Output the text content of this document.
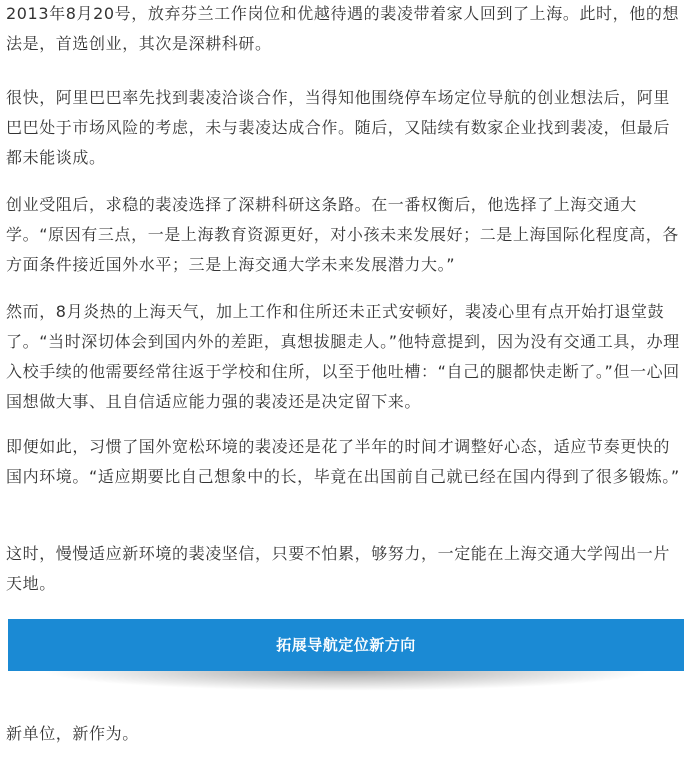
2013年8月20号，放弃芬兰工作岗位和优越待遇的裴凌带着家人回到了上海。此时，他的想法是，首选创业，其次是深耕科研。

很快，阿里巴巴率先找到裴凌洽谈合作，当得知他围绕停车场定位导航的创业想法后，阿里巴巴处于市场风险的考虑，未与裴凌达成合作。随后，又陆续有数家企业找到裴凌，但最后都未能谈成。

创业受阻后，求稳的裴凌选择了深耕科研这条路。在一番权衡后，他选择了上海交通大学。“原因有三点，一是上海教育资源更好，对小孩未来发展好；二是上海国际化程度高，各方面条件接近国外水平；三是上海交通大学未来发展潜力大。”

然而，8月炎热的上海天气，加上工作和住所还未正式安顿好，裴凌心里有点开始打退堂鼓了。“当时深切体会到国内外的差距，真想拔腿走人。”他特意提到，因为没有交通工具，办理入校手续的他需要经常往返于学校和住所，以至于他吐槽：“自己的腿都快走断了。”但一心回国想做大事、且自信适应能力强的裴凌还是决定留下来。

即便如此，习惯了国外宽松环境的裴凌还是花了半年的时间才调整好心态，适应节奏更快的国内环境。“适应期要比自己想象中的长，毕竟在出国前自己就已经在国内得到了很多锻炼。”

这时，慢慢适应新环境的裴凌坚信，只要不怕累，够努力，一定能在上海交通大学闯出一片天地。

拓展导航定位新方向

新单位，新作为。
